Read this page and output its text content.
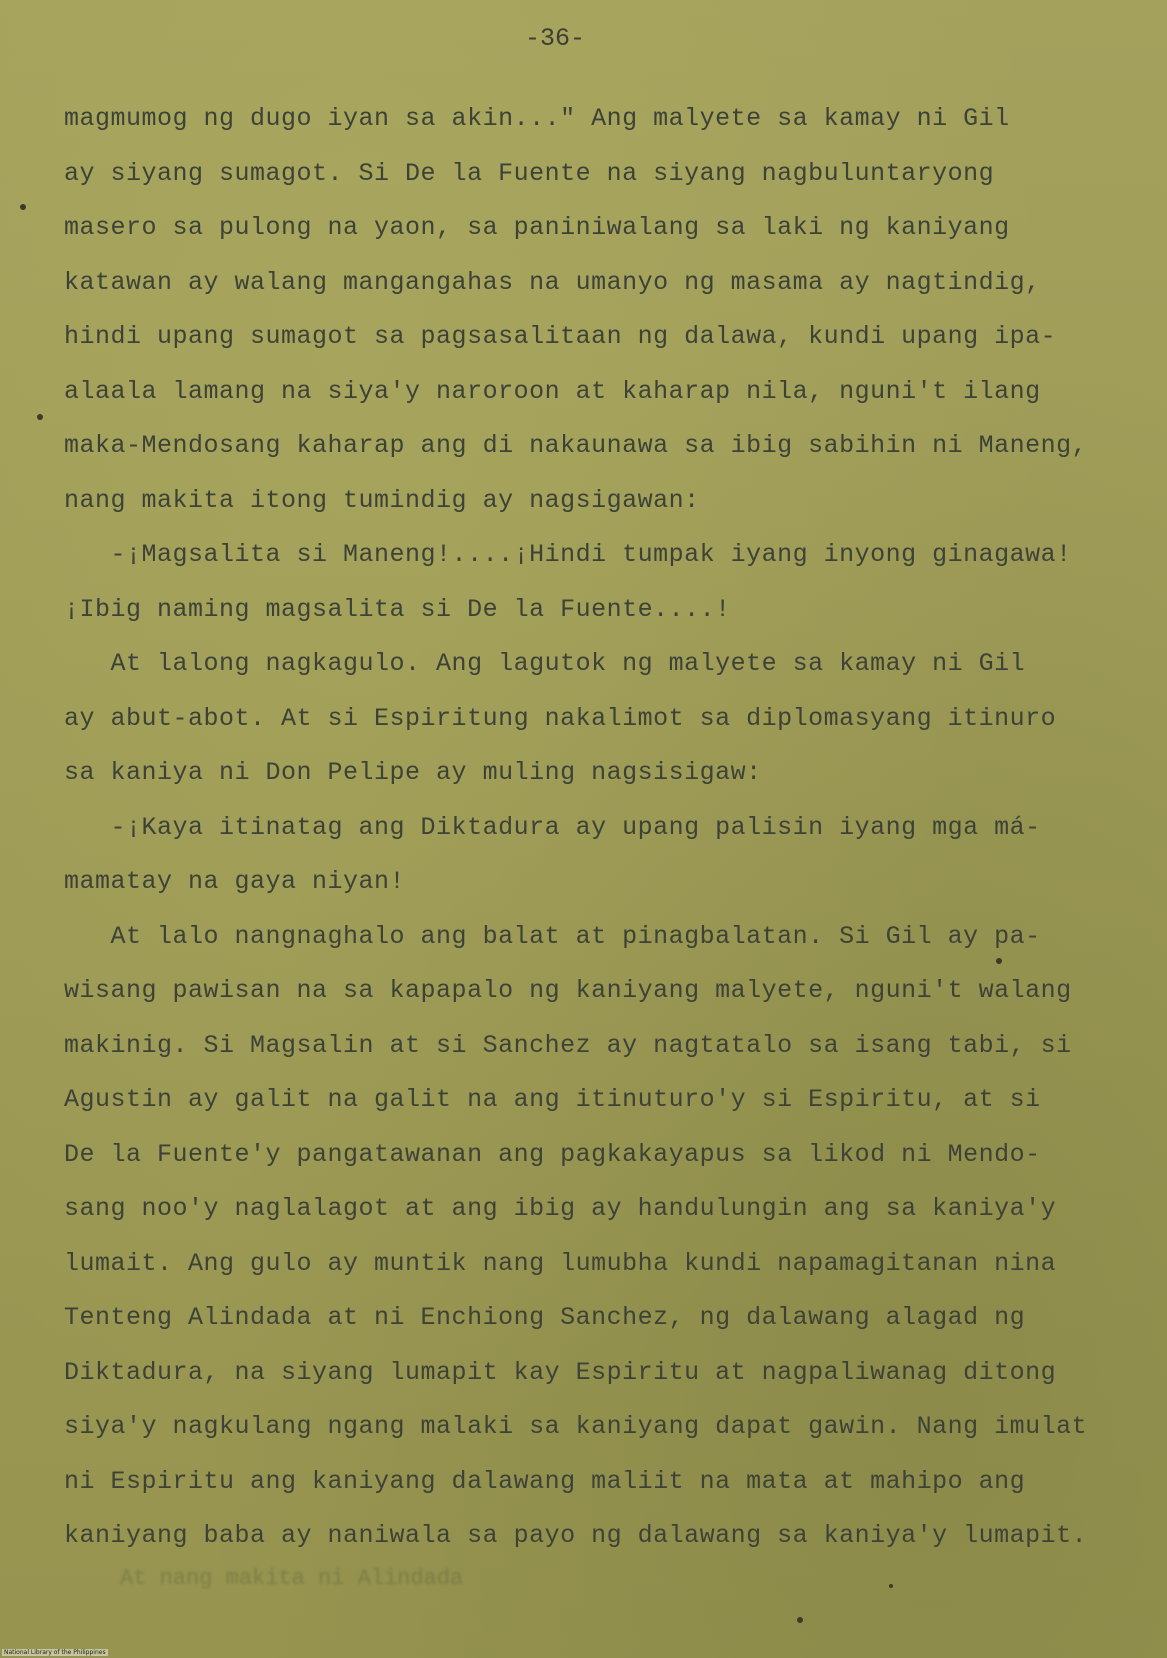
-36-
magmumog ng dugo iyan sa akin..." Ang malyete sa kamay ni Gil
ay siyang sumagot. Si De la Fuente na siyang nagbuluntaryong
masero sa pulong na yaon, sa paniniwalang sa laki ng kaniyang
katawan ay walang mangangahas na umanyo ng masama ay nagtindig,
hindi upang sumagot sa pagsasalitaan ng dalawa, kundi upang ipa-
alaala lamang na siya'y naroroon at kaharap nila, nguni't ilang
maka-Mendosang kaharap ang di nakaunawa sa ibig sabihin ni Maneng,
nang makita itong tumindig ay nagsigawan:
-¡Magsalita si Maneng!....¡Hindi tumpak iyang inyong ginagawa!
¡Ibig naming magsalita si De la Fuente....!
At lalong nagkagulo. Ang lagutok ng malyete sa kamay ni Gil
ay abut-abot. At si Espiritung nakalimot sa diplomasyang itinuro
sa kaniya ni Don Pelipe ay muling nagsisigaw:
-¡Kaya itinatag ang Diktadura ay upang palisin iyang mga má-
mamatay na gaya niyan!
At lalo nangnaghalo ang balat at pinagbalatan. Si Gil ay pa-
wisang pawisan na sa kapapalo ng kaniyang malyete, nguni't walang
makinig. Si Magsalin at si Sanchez ay nagtatalo sa isang tabi, si
Agustin ay galit na galit na ang itinuturo'y si Espiritu, at si
De la Fuente'y pangatawanan ang pagkakayapus sa likod ni Mendo-
sang noo'y naglalagot at ang ibig ay handulungin ang sa kaniya'y
lumait. Ang gulo ay muntik nang lumubha kundi napamagitanan nina
Tenteng Alindada at ni Enchiong Sanchez, ng dalawang alagad ng
Diktadura, na siyang lumapit kay Espiritu at nagpaliwanag ditong
siya'y nagkulang ngang malaki sa kaniyang dapat gawin. Nang imulat
ni Espiritu ang kaniyang dalawang maliit na mata at mahipo ang
kaniyang baba ay naniwala sa payo ng dalawang sa kaniya'y lumapit.
At nang makita ni Alindada
National Library of the Philippines
